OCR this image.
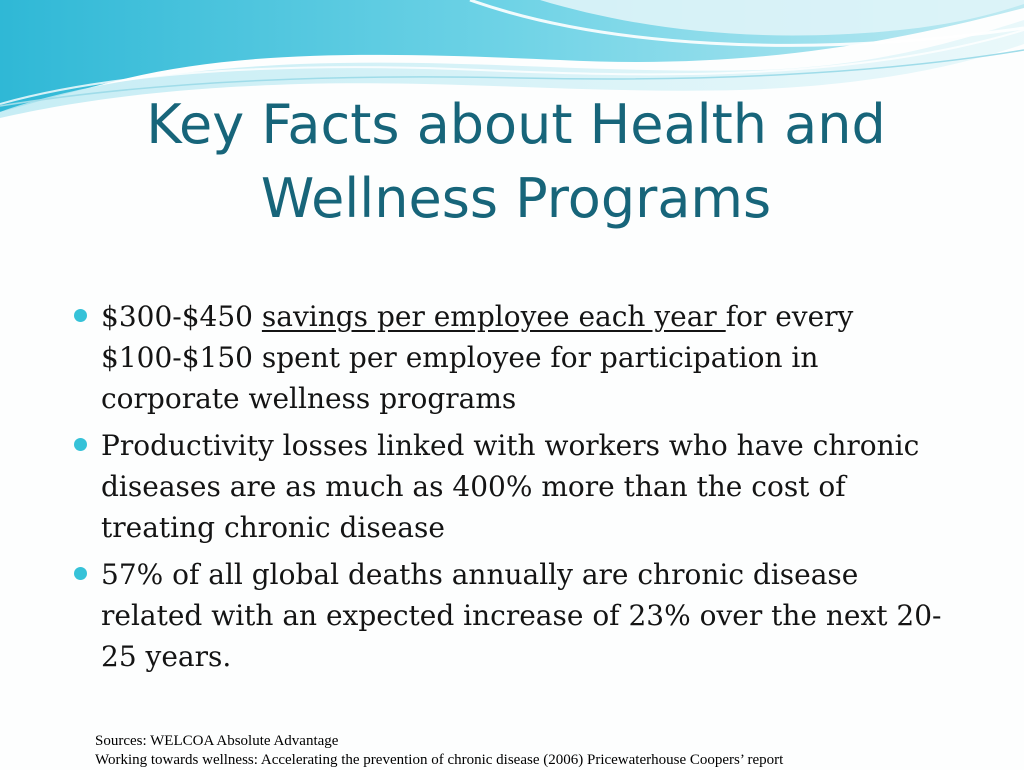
Key Facts about Health and
Wellness Programs
$300-$450 savings per employee each year for every $100-$150 spent per employee for participation in corporate wellness programs
Productivity losses linked with workers who have chronic diseases are as much as 400% more than the cost of treating chronic disease
57% of all global deaths annually are chronic disease related with an expected increase of 23% over the next 20-25 years.
Sources: WELCOA Absolute Advantage
Working towards wellness: Accelerating the prevention of chronic disease (2006) Pricewaterhouse Coopers’ report
